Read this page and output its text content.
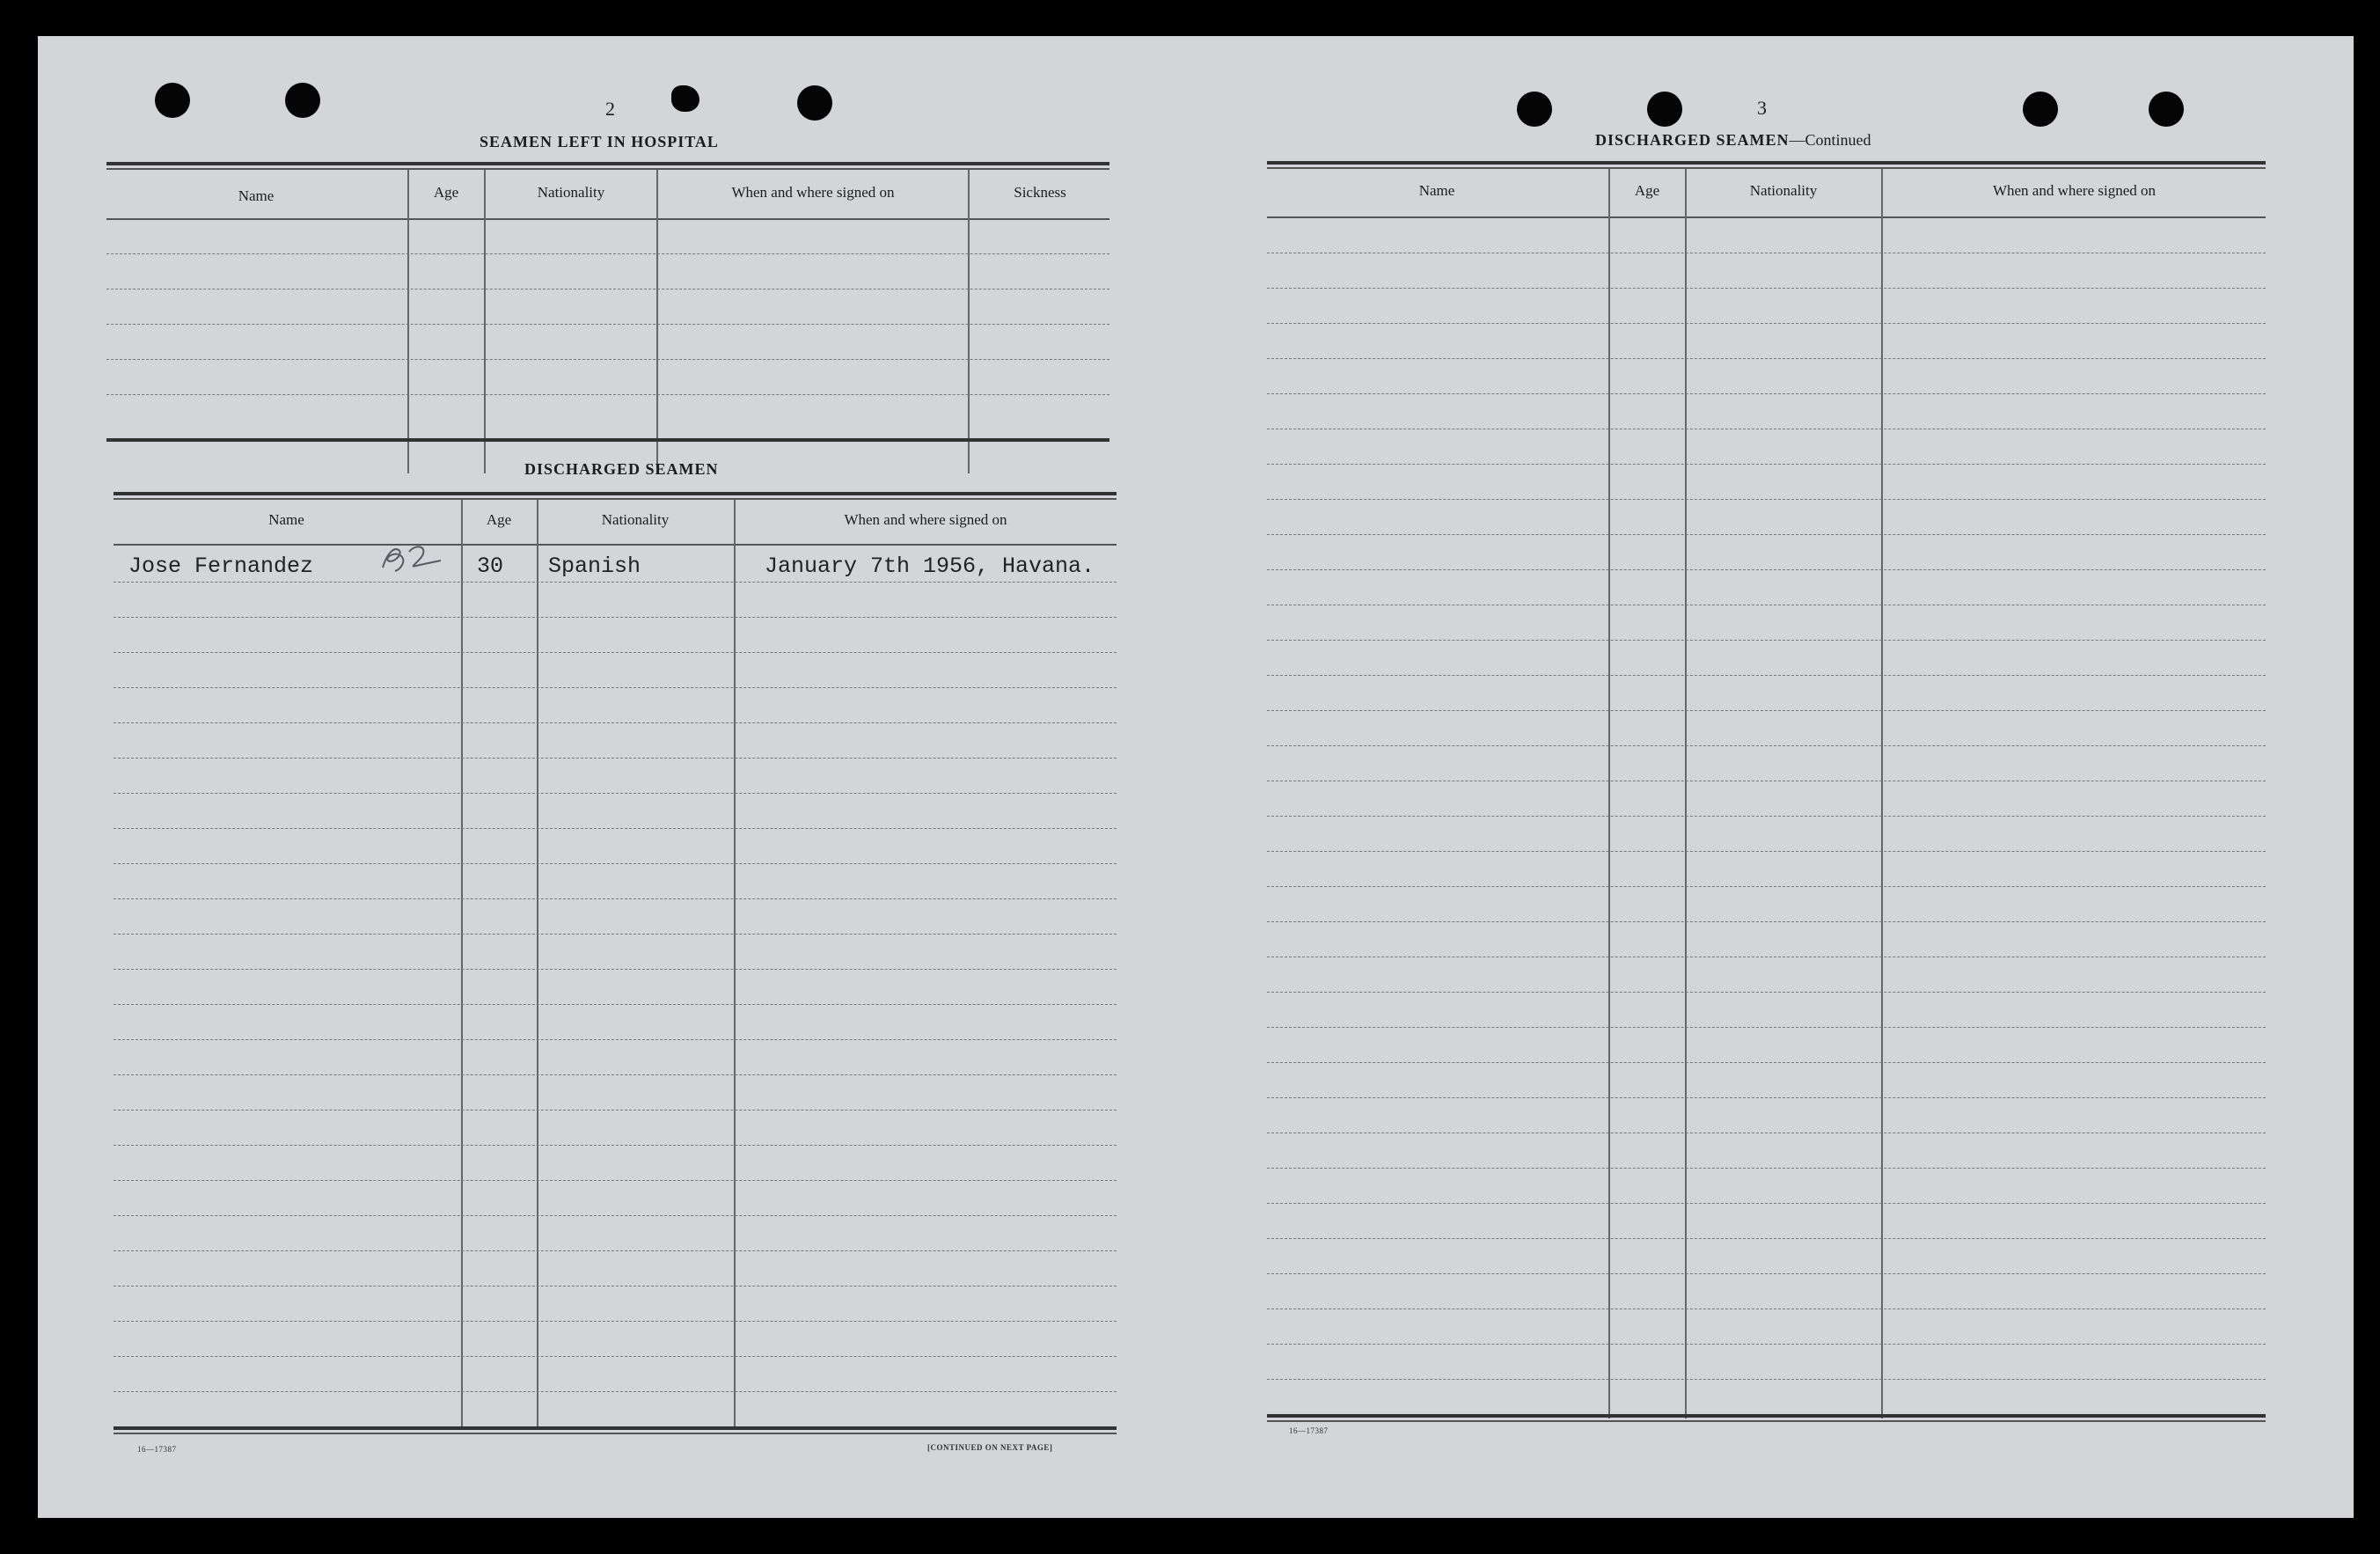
2
SEAMEN LEFT IN HOSPITAL
Name	Age	Nationality	When and where signed on	Sickness
DISCHARGED SEAMEN
Name	Age	Nationality	When and where signed on
Jose Fernandez	30 Spanish	January 7th 1956, Havana.
16—17387	[CONTINUED ON NEXT PAGE]
3
DISCHARGED SEAMEN—Continued
Name	Age	Nationality	When and where signed on
16—17387
